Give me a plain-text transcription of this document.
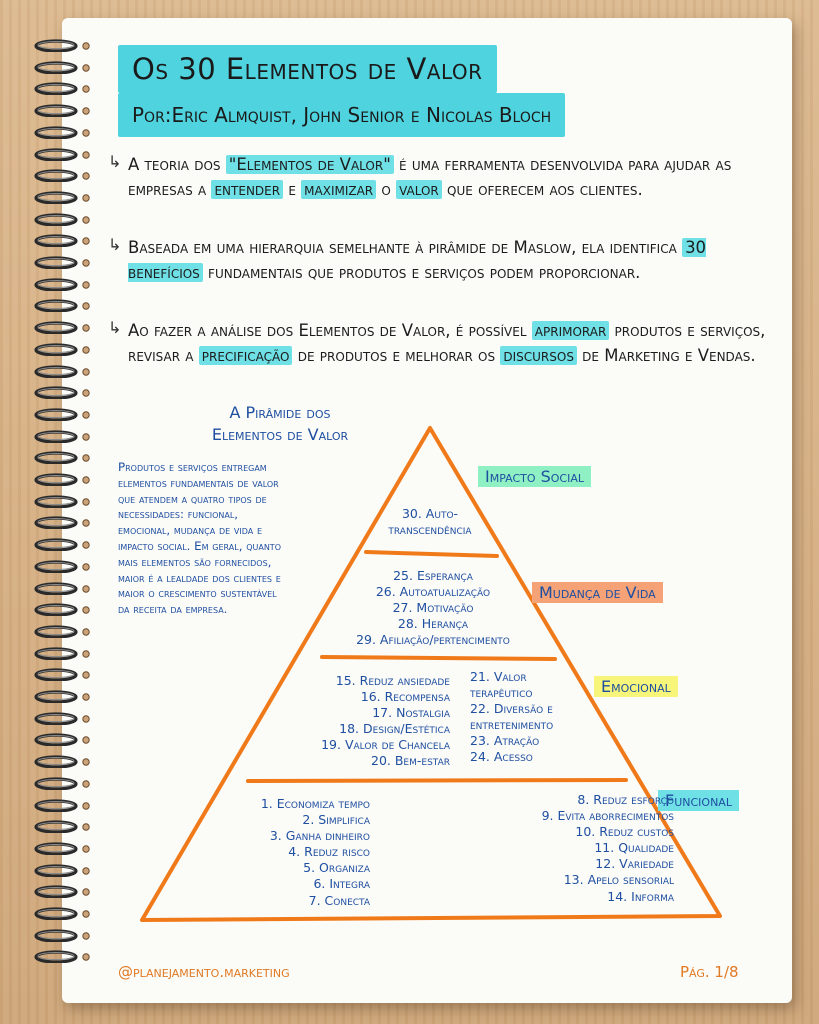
Os 30 Elementos de Valor
Por:Eric Almquist, John Senior e Nicolas Bloch
↳ A teoria dos "Elementos de Valor" é uma ferramenta desenvolvida para ajudar as empresas a entender e maximizar o valor que oferecem aos clientes.
↳ Baseada em uma hierarquia semelhante à pirâmide de Maslow, ela identifica 30 benefícios fundamentais que produtos e serviços podem proporcionar.
↳ Ao fazer a análise dos Elementos de Valor, é possível aprimorar produtos e serviços, revisar a precificação de produtos e melhorar os discursos de Marketing e Vendas.
A Pirâmide dos
Elementos de Valor
Produtos e serviços entregam elementos fundamentais de valor que atendem a quatro tipos de necessidades: funcional, emocional, mudança de vida e impacto social. Em geral, quanto mais elementos são fornecidos, maior é a lealdade dos clientes e maior o crescimento sustentável da receita da empresa.
Impacto Social
Mudança de Vida
Emocional
Funcional
30. Auto-
transcendência
25. Esperança
26. Autoatualização
27. Motivação
28. Herança
29. Afiliação/pertencimento
15. Reduz ansiedade
16. Recompensa
17. Nostalgia
18. Design/Estética
19. Valor de Chancela
20. Bem-estar
21. Valor
terapêutico
22. Diversão e
entretenimento
23. Atração
24. Acesso
1. Economiza tempo
2. Simplifica
3. Ganha dinheiro
4. Reduz risco
5. Organiza
6. Integra
7. Conecta
8. Reduz esforço
9. Evita aborrecimentos
10. Reduz custos
11. Qualidade
12. Variedade
13. Apelo sensorial
14. Informa
@planejamento.marketing	Pág. 1/8
